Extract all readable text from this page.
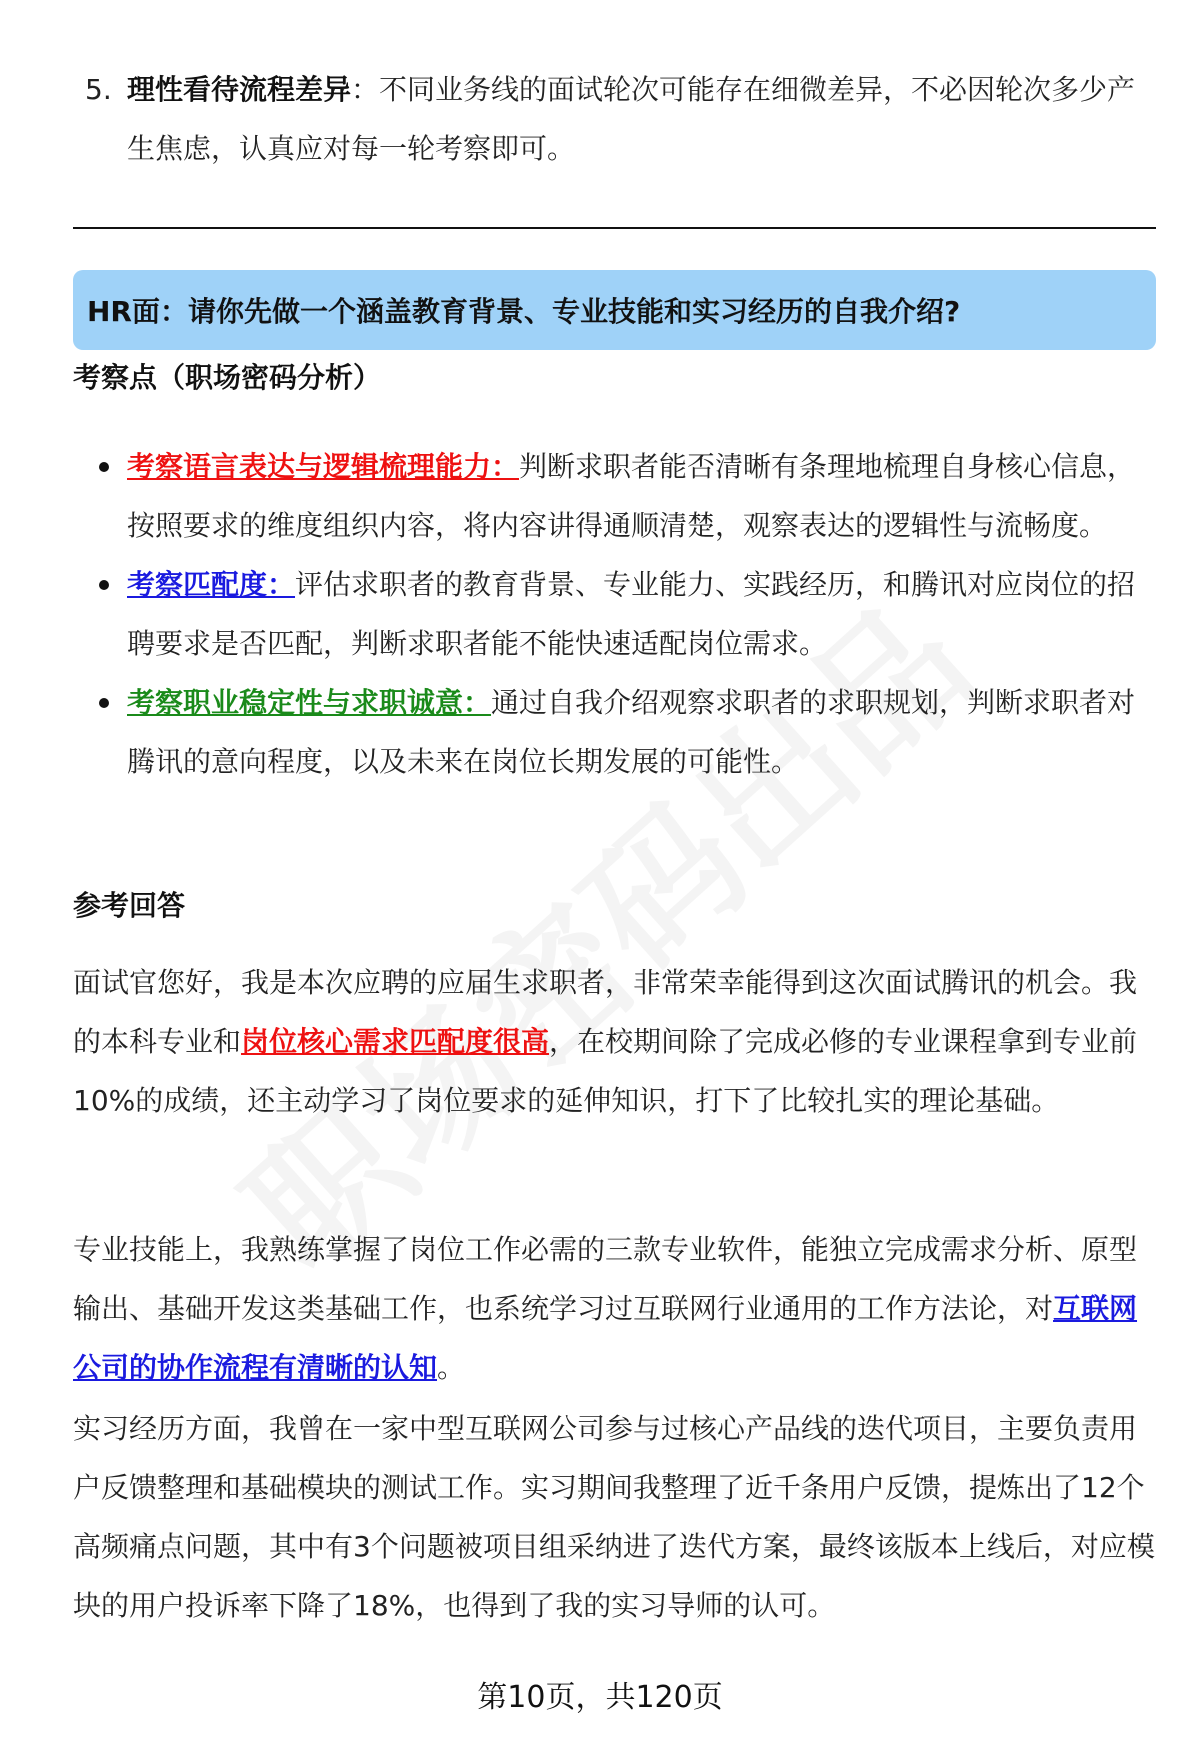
5. 理性看待流程差异：不同业务线的面试轮次可能存在细微差异，不必因轮次多少产生焦虑，认真应对每一轮考察即可。
HR面：请你先做一个涵盖教育背景、专业技能和实习经历的自我介绍?
考察点（职场密码分析）
考察语言表达与逻辑梳理能力：判断求职者能否清晰有条理地梳理自身核心信息，按照要求的维度组织内容，将内容讲得通顺清楚，观察表达的逻辑性与流畅度。
考察匹配度：评估求职者的教育背景、专业能力、实践经历，和腾讯对应岗位的招聘要求是否匹配，判断求职者能不能快速适配岗位需求。
考察职业稳定性与求职诚意：通过自我介绍观察求职者的求职规划，判断求职者对腾讯的意向程度，以及未来在岗位长期发展的可能性。
参考回答
面试官您好，我是本次应聘的应届生求职者，非常荣幸能得到这次面试腾讯的机会。我的本科专业和岗位核心需求匹配度很高，在校期间除了完成必修的专业课程拿到专业前10%的成绩，还主动学习了岗位要求的延伸知识，打下了比较扎实的理论基础。
专业技能上，我熟练掌握了岗位工作必需的三款专业软件，能独立完成需求分析、原型输出、基础开发这类基础工作，也系统学习过互联网行业通用的工作方法论，对互联网公司的协作流程有清晰的认知。
实习经历方面，我曾在一家中型互联网公司参与过核心产品线的迭代项目，主要负责用户反馈整理和基础模块的测试工作。实习期间我整理了近千条用户反馈，提炼出了12个高频痛点问题，其中有3个问题被项目组采纳进了迭代方案，最终该版本上线后，对应模块的用户投诉率下降了18%，也得到了我的实习导师的认可。
第10页，共120页
